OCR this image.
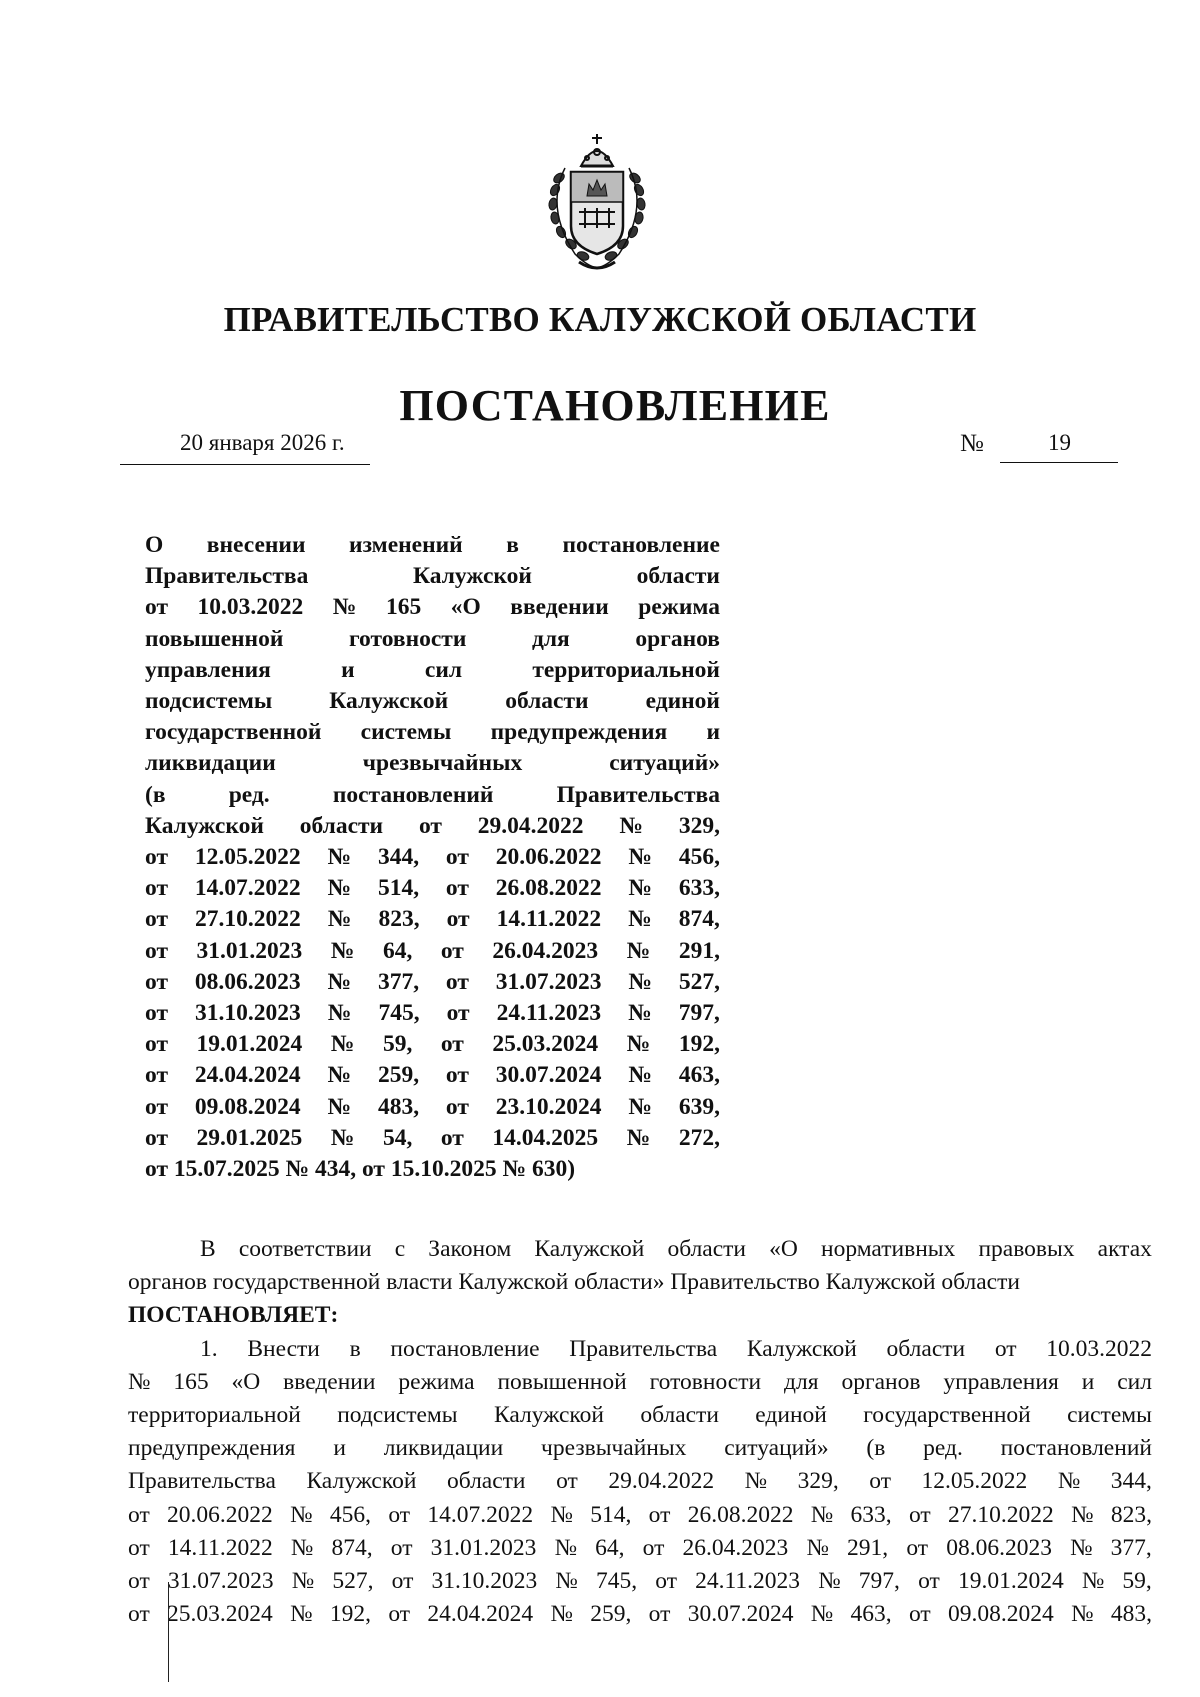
ПРАВИТЕЛЬСТВО КАЛУЖСКОЙ ОБЛАСТИ
ПОСТАНОВЛЕНИЕ
20 января 2026 г.	№	19
О внесении изменений в постановление
Правительства	Калужской	области
от 10.03.2022 № 165 «О введении режима
повышенной	готовности	для	органов
управления	и	сил	территориальной
подсистемы Калужской области единой
государственной системы предупреждения и
ликвидации	чрезвычайных	ситуаций»
(в	ред.	постановлений	Правительства
Калужской области от 29.04.2022 № 329,
от 12.05.2022 № 344, от 20.06.2022 № 456,
от 14.07.2022 № 514, от 26.08.2022 № 633,
от 27.10.2022 № 823, от 14.11.2022 № 874,
от 31.01.2023 № 64, от 26.04.2023 № 291,
от 08.06.2023 № 377, от 31.07.2023 № 527,
от 31.10.2023 № 745, от 24.11.2023 № 797,
от 19.01.2024 № 59, от 25.03.2024 № 192,
от 24.04.2024 № 259, от 30.07.2024 № 463,
от 09.08.2024 № 483, от 23.10.2024 № 639,
от 29.01.2025 № 54, от 14.04.2025 № 272,
от 15.07.2025 № 434, от 15.10.2025 № 630)
В соответствии с Законом Калужской области «О нормативных правовых актах
органов государственной власти Калужской области» Правительство Калужской области
ПОСТАНОВЛЯЕТ:
1. Внести в постановление Правительства Калужской области от 10.03.2022
№ 165 «О введении режима повышенной готовности для органов управления и сил
территориальной подсистемы Калужской области единой государственной системы
предупреждения и ликвидации чрезвычайных ситуаций» (в ред. постановлений
Правительства Калужской области от 29.04.2022 № 329, от 12.05.2022 № 344,
от 20.06.2022 № 456, от 14.07.2022 № 514, от 26.08.2022 № 633, от 27.10.2022 № 823,
от 14.11.2022 № 874, от 31.01.2023 № 64, от 26.04.2023 № 291, от 08.06.2023 № 377,
от 31.07.2023 № 527, от 31.10.2023 № 745, от 24.11.2023 № 797, от 19.01.2024 № 59,
от 25.03.2024 № 192, от 24.04.2024 № 259, от 30.07.2024 № 463, от 09.08.2024 № 483,
